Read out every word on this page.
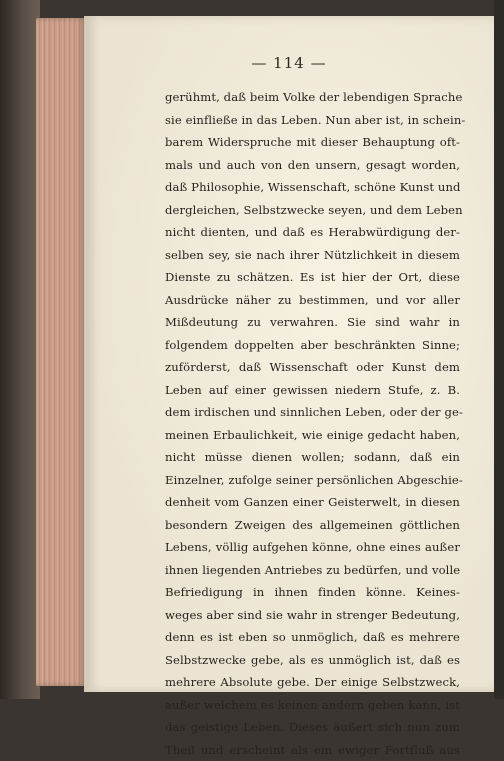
— 114 —
gerühmt, daß beim Volke der lebendigen Sprache
sie einfließe in das Leben. Nun aber ist, in schein-
barem Widerspruche mit dieser Behauptung oft-
mals und auch von den unsern, gesagt worden,
daß Philosophie, Wissenschaft, schöne Kunst und
dergleichen, Selbstzwecke seyen, und dem Leben
nicht dienten, und daß es Herabwürdigung der-
selben sey, sie nach ihrer Nützlichkeit in diesem
Dienste zu schätzen. Es ist hier der Ort, diese
Ausdrücke näher zu bestimmen, und vor aller
Mißdeutung zu verwahren. Sie sind wahr in
folgendem doppelten aber beschränkten Sinne;
zuförderst, daß Wissenschaft oder Kunst dem
Leben auf einer gewissen niedern Stufe, z. B.
dem irdischen und sinnlichen Leben, oder der ge-
meinen Erbaulichkeit, wie einige gedacht haben,
nicht müsse dienen wollen; sodann, daß ein
Einzelner, zufolge seiner persönlichen Abgeschie-
denheit vom Ganzen einer Geisterwelt, in diesen
besondern Zweigen des allgemeinen göttlichen
Lebens, völlig aufgehen könne, ohne eines außer
ihnen liegenden Antriebes zu bedürfen, und volle
Befriedigung in ihnen finden könne. Keines-
weges aber sind sie wahr in strenger Bedeutung,
denn es ist eben so unmöglich, daß es mehrere
Selbstzwecke gebe, als es unmöglich ist, daß es
mehrere Absolute gebe. Der einige Selbstzweck,
außer welchem es keinen andern geben kann, ist
das geistige Leben. Dieses äußert sich nun zum
Theil und erscheint als ein ewiger Fortfluß aus
